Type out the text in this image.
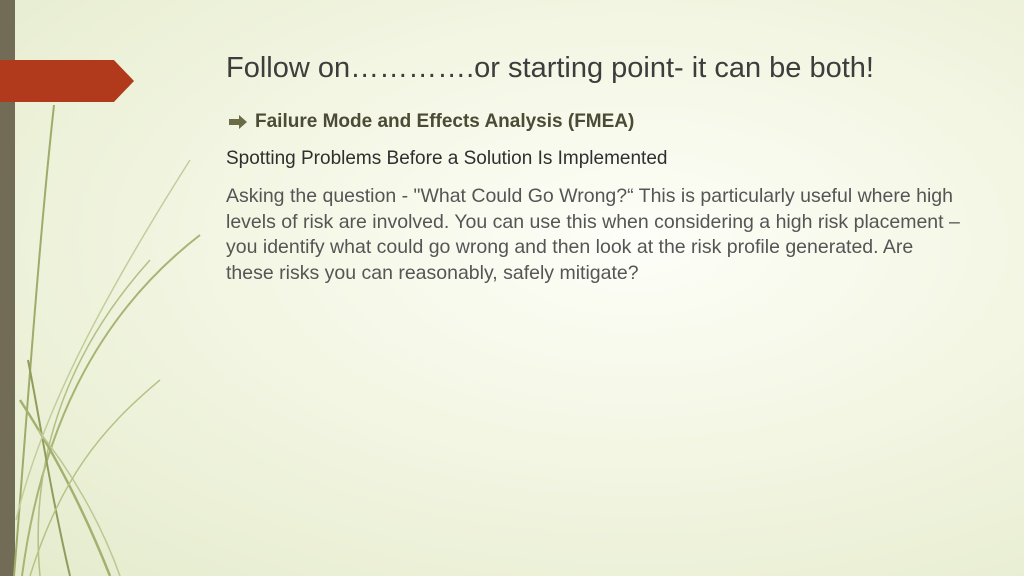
Follow on………….or starting point- it can be both!
Failure Mode and Effects Analysis (FMEA)

Spotting Problems Before a Solution Is Implemented

Asking the question - "What Could Go Wrong?“ This is particularly useful where high levels of risk are involved. You can use this when considering a high risk placement – you identify what could go wrong and then look at the risk profile generated. Are these risks you can reasonably, safely mitigate?
